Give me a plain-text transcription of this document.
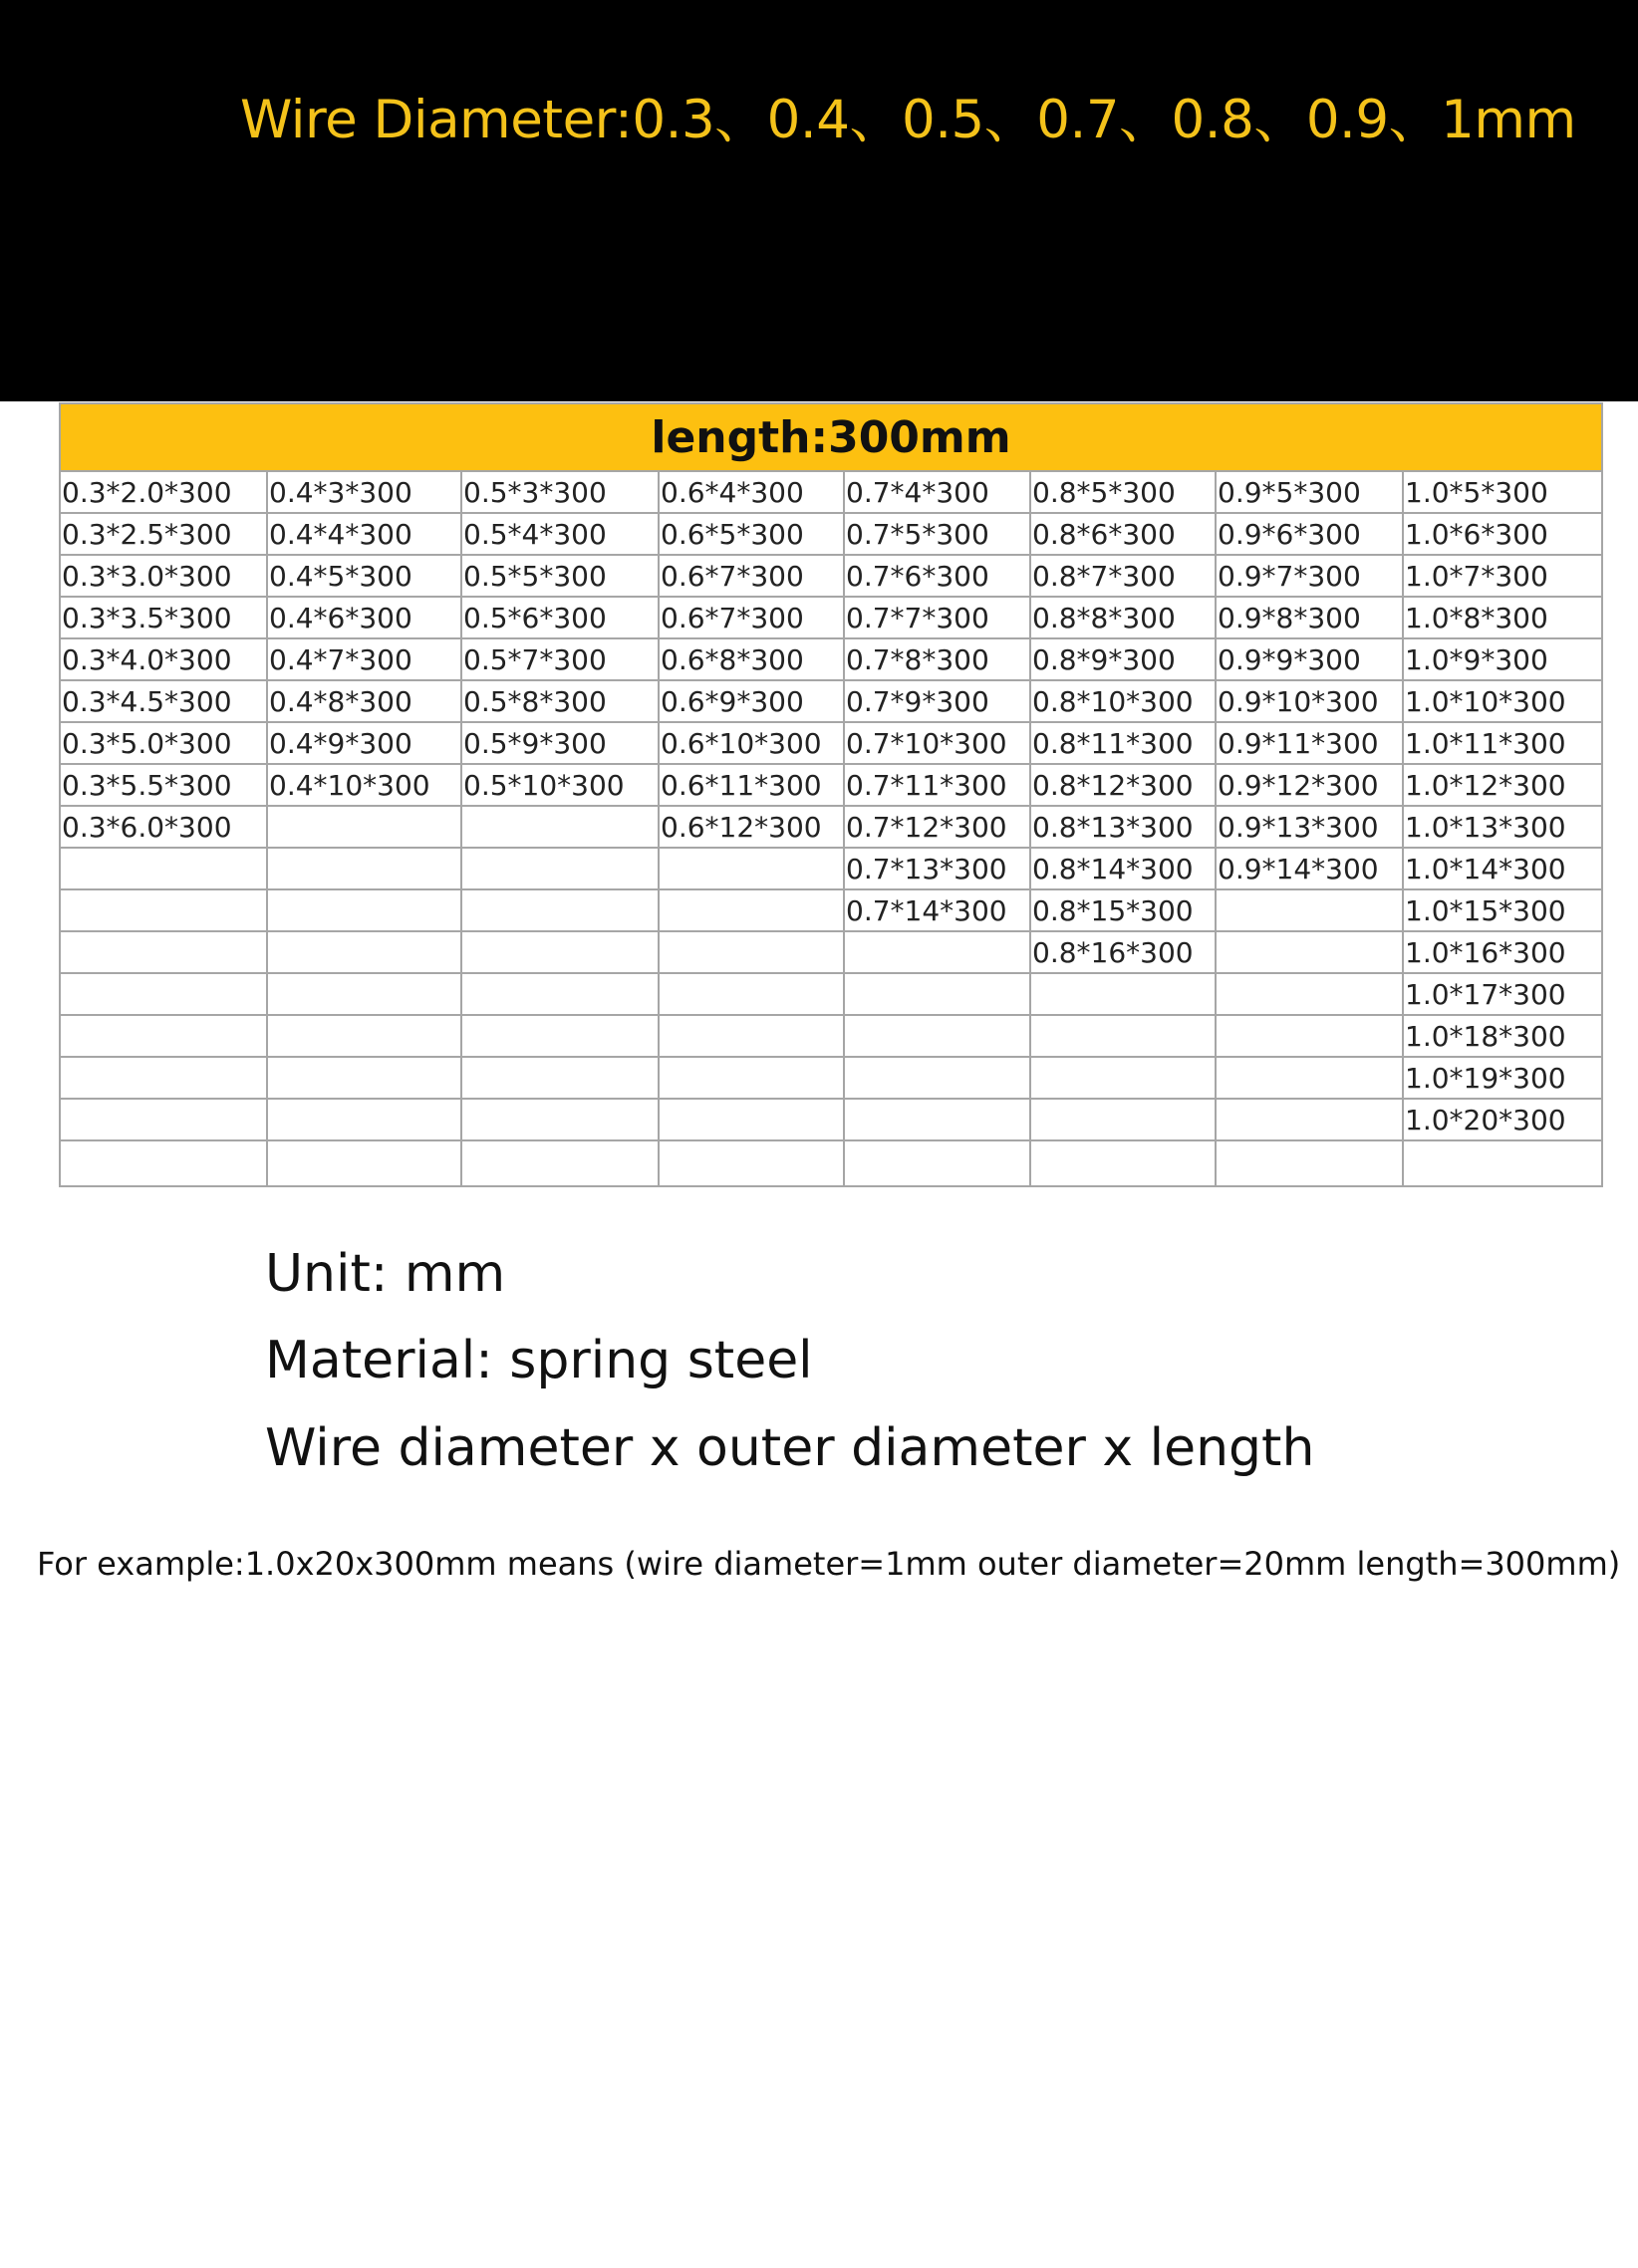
Wire Diameter:0.3、0.4、0.5、0.7、0.8、0.9、1mm
length:300mm							
0.3*2.0*300	0.4*3*300	0.5*3*300	0.6*4*300	0.7*4*300	0.8*5*300	0.9*5*300	1.0*5*300
0.3*2.5*300	0.4*4*300	0.5*4*300	0.6*5*300	0.7*5*300	0.8*6*300	0.9*6*300	1.0*6*300
0.3*3.0*300	0.4*5*300	0.5*5*300	0.6*7*300	0.7*6*300	0.8*7*300	0.9*7*300	1.0*7*300
0.3*3.5*300	0.4*6*300	0.5*6*300	0.6*7*300	0.7*7*300	0.8*8*300	0.9*8*300	1.0*8*300
0.3*4.0*300	0.4*7*300	0.5*7*300	0.6*8*300	0.7*8*300	0.8*9*300	0.9*9*300	1.0*9*300
0.3*4.5*300	0.4*8*300	0.5*8*300	0.6*9*300	0.7*9*300	0.8*10*300	0.9*10*300	1.0*10*300
0.3*5.0*300	0.4*9*300	0.5*9*300	0.6*10*300	0.7*10*300	0.8*11*300	0.9*11*300	1.0*11*300
0.3*5.5*300	0.4*10*300	0.5*10*300	0.6*11*300	0.7*11*300	0.8*12*300	0.9*12*300	1.0*12*300
0.3*6.0*300			0.6*12*300	0.7*12*300	0.8*13*300	0.9*13*300	1.0*13*300
				0.7*13*300	0.8*14*300	0.9*14*300	1.0*14*300
				0.7*14*300	0.8*15*300		1.0*15*300
					0.8*16*300		1.0*16*300
							1.0*17*300
							1.0*18*300
							1.0*19*300
							1.0*20*300

Unit: mm
Material: spring steel
Wire diameter x outer diameter x length
For example:1.0x20x300mm means (wire diameter=1mm outer diameter=20mm length=300mm)
